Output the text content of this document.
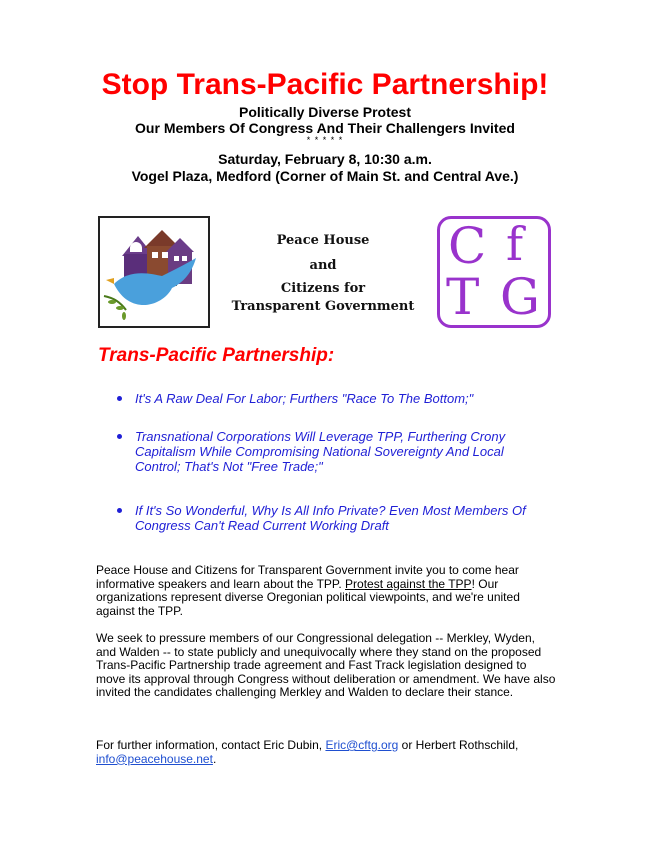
Stop Trans-Pacific Partnership!
Politically Diverse Protest
Our Members Of Congress And Their Challengers Invited
* * * * *
Saturday, February 8, 10:30 a.m.
Vogel Plaza, Medford (Corner of Main St. and Central Ave.)
Peace House
and
Citizens for
Transparent Government
C f
T G
Trans-Pacific Partnership:
It's A Raw Deal For Labor; Furthers "Race To The Bottom;"
Transnational Corporations Will Leverage TPP, Furthering Crony Capitalism While Compromising National Sovereignty And Local Control; That's Not "Free Trade;"
If It's So Wonderful, Why Is All Info Private? Even Most Members Of Congress Can't Read Current Working Draft
Peace House and Citizens for Transparent Government invite you to come hear informative speakers and learn about the TPP. Protest against the TPP! Our organizations represent diverse Oregonian political viewpoints, and we're united against the TPP.
We seek to pressure members of our Congressional delegation -- Merkley, Wyden, and Walden -- to state publicly and unequivocally where they stand on the proposed Trans-Pacific Partnership trade agreement and Fast Track legislation designed to move its approval through Congress without deliberation or amendment. We have also invited the candidates challenging Merkley and Walden to declare their stance.
For further information, contact Eric Dubin, Eric@cftg.org or Herbert Rothschild,
info@peacehouse.net.
